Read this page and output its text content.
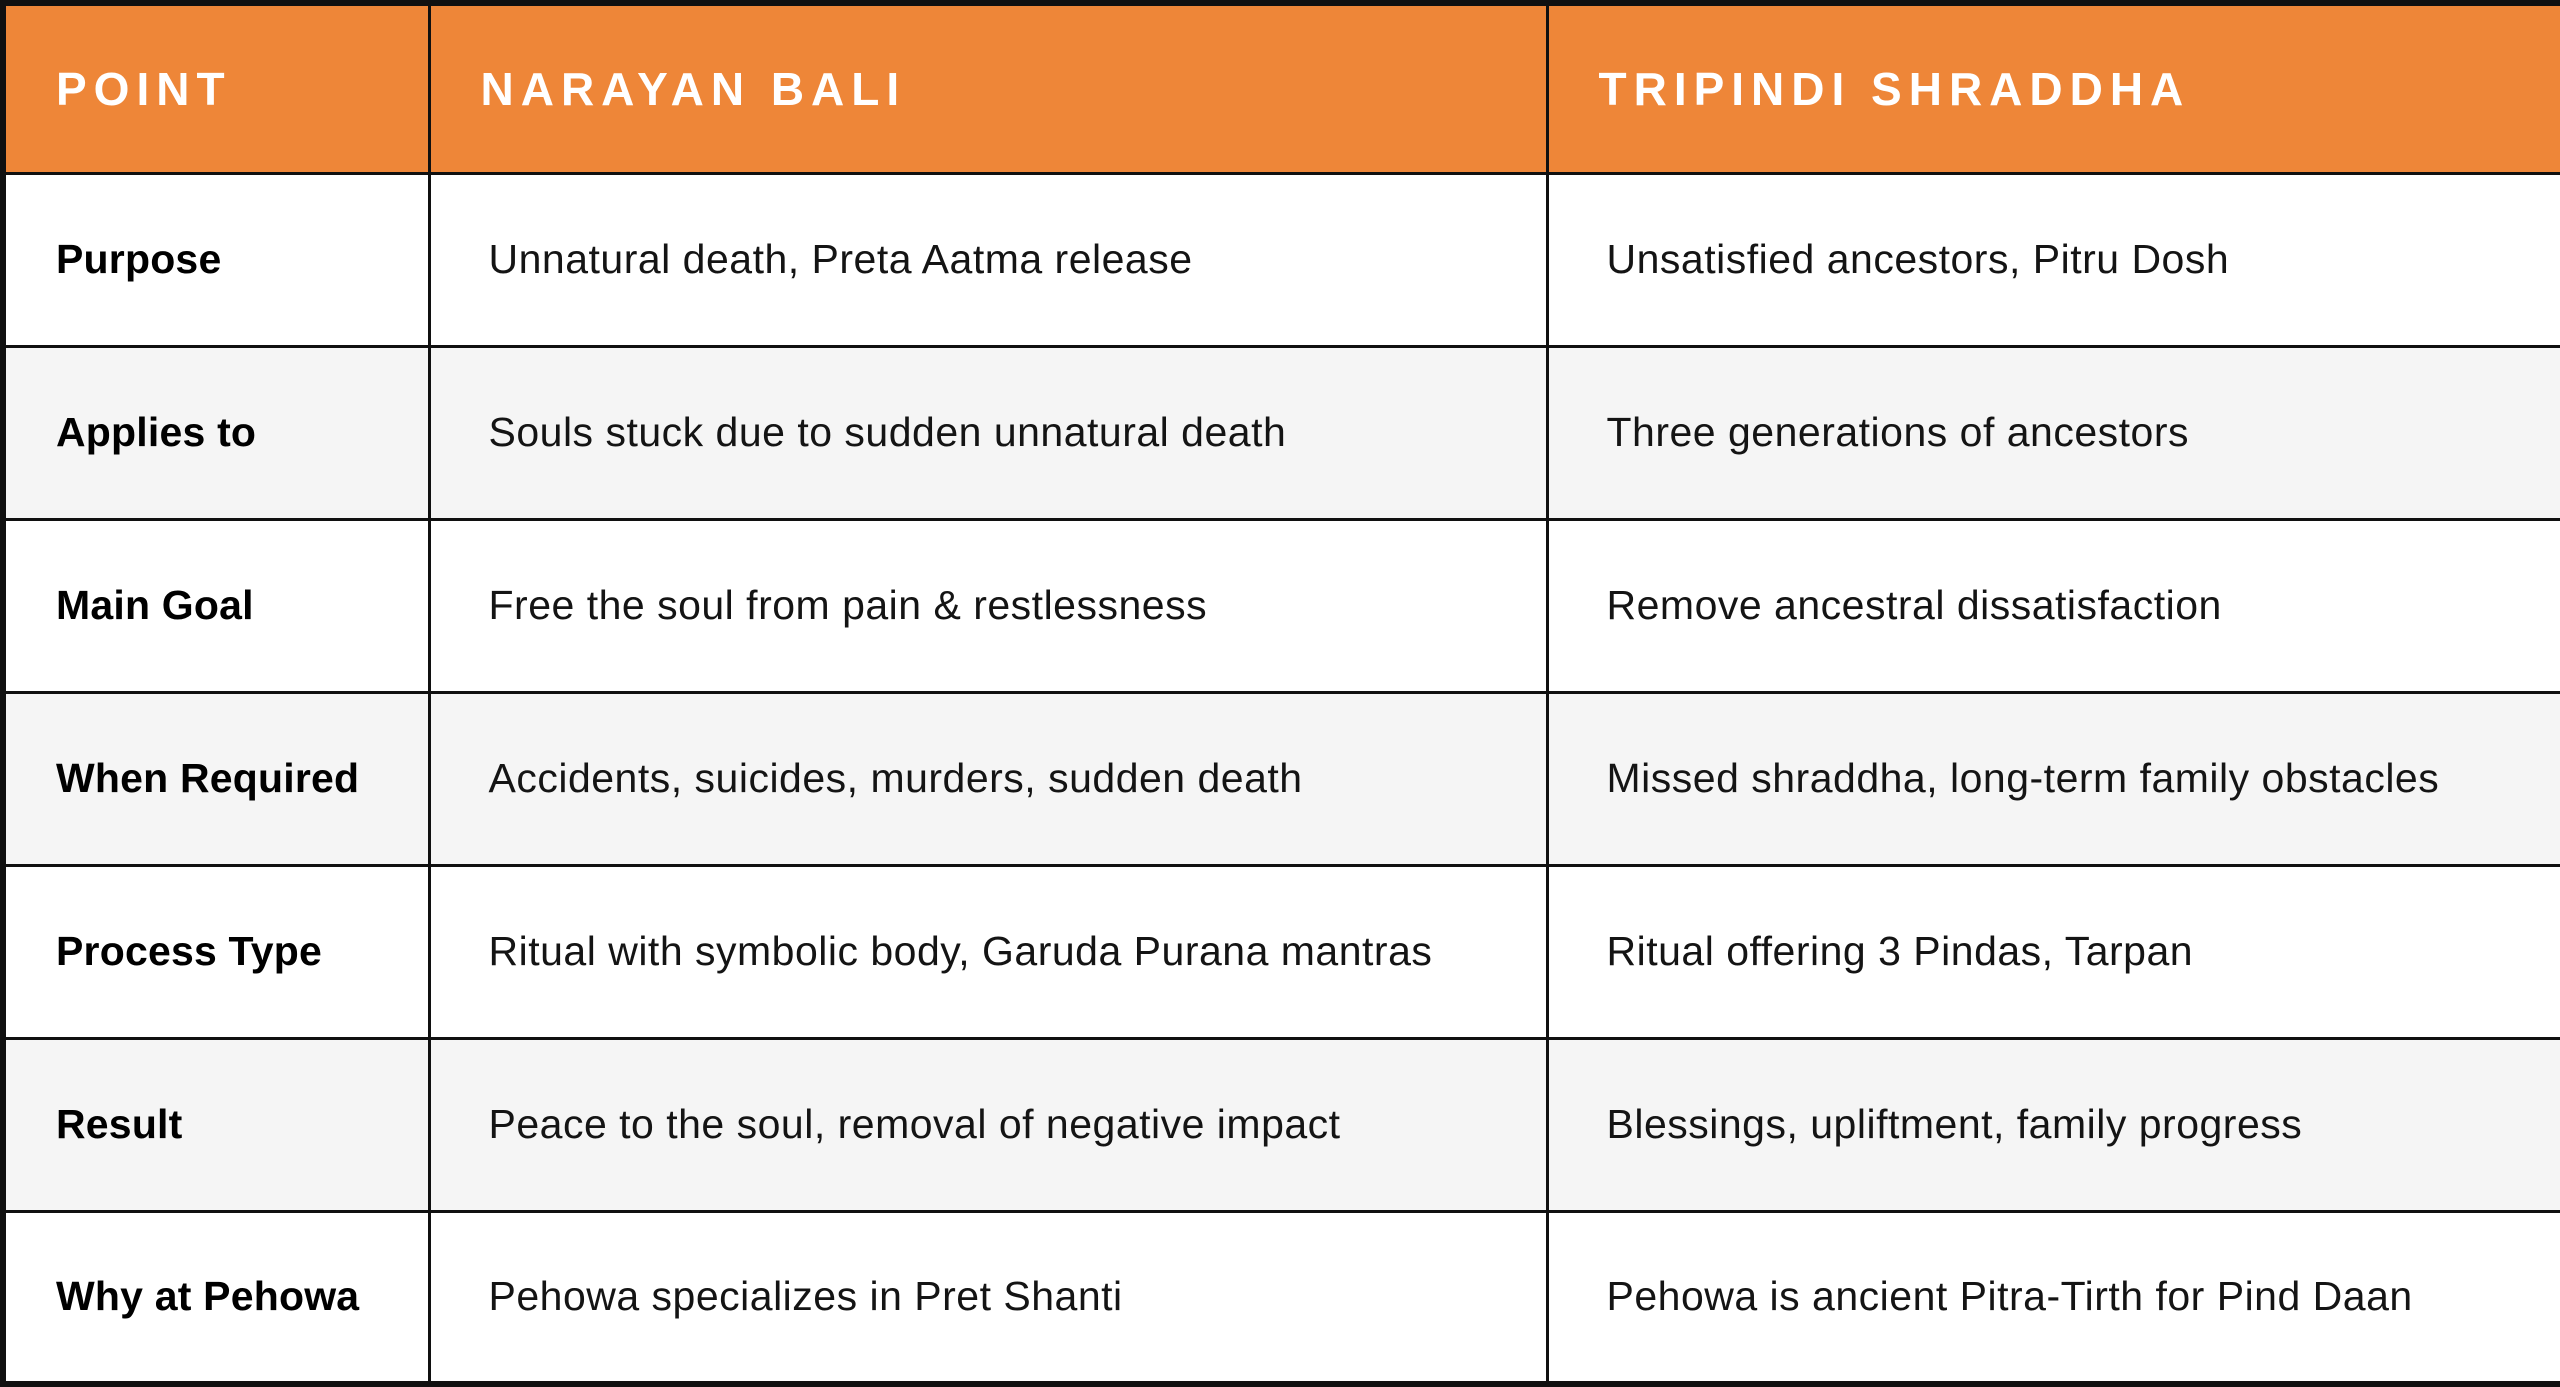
POINT	NARAYAN BALI	TRIPINDI SHRADDHA
Purpose	Unnatural death, Preta Aatma release	Unsatisfied ancestors, Pitru Dosh
Applies to	Souls stuck due to sudden unnatural death	Three generations of ancestors
Main Goal	Free the soul from pain & restlessness	Remove ancestral dissatisfaction
When Required	Accidents, suicides, murders, sudden death	Missed shraddha, long-term family obstacles
Process Type	Ritual with symbolic body, Garuda Purana mantras	Ritual offering 3 Pindas, Tarpan
Result	Peace to the soul, removal of negative impact	Blessings, upliftment, family progress
Why at Pehowa	Pehowa specializes in Pret Shanti	Pehowa is ancient Pitra-Tirth for Pind Daan
